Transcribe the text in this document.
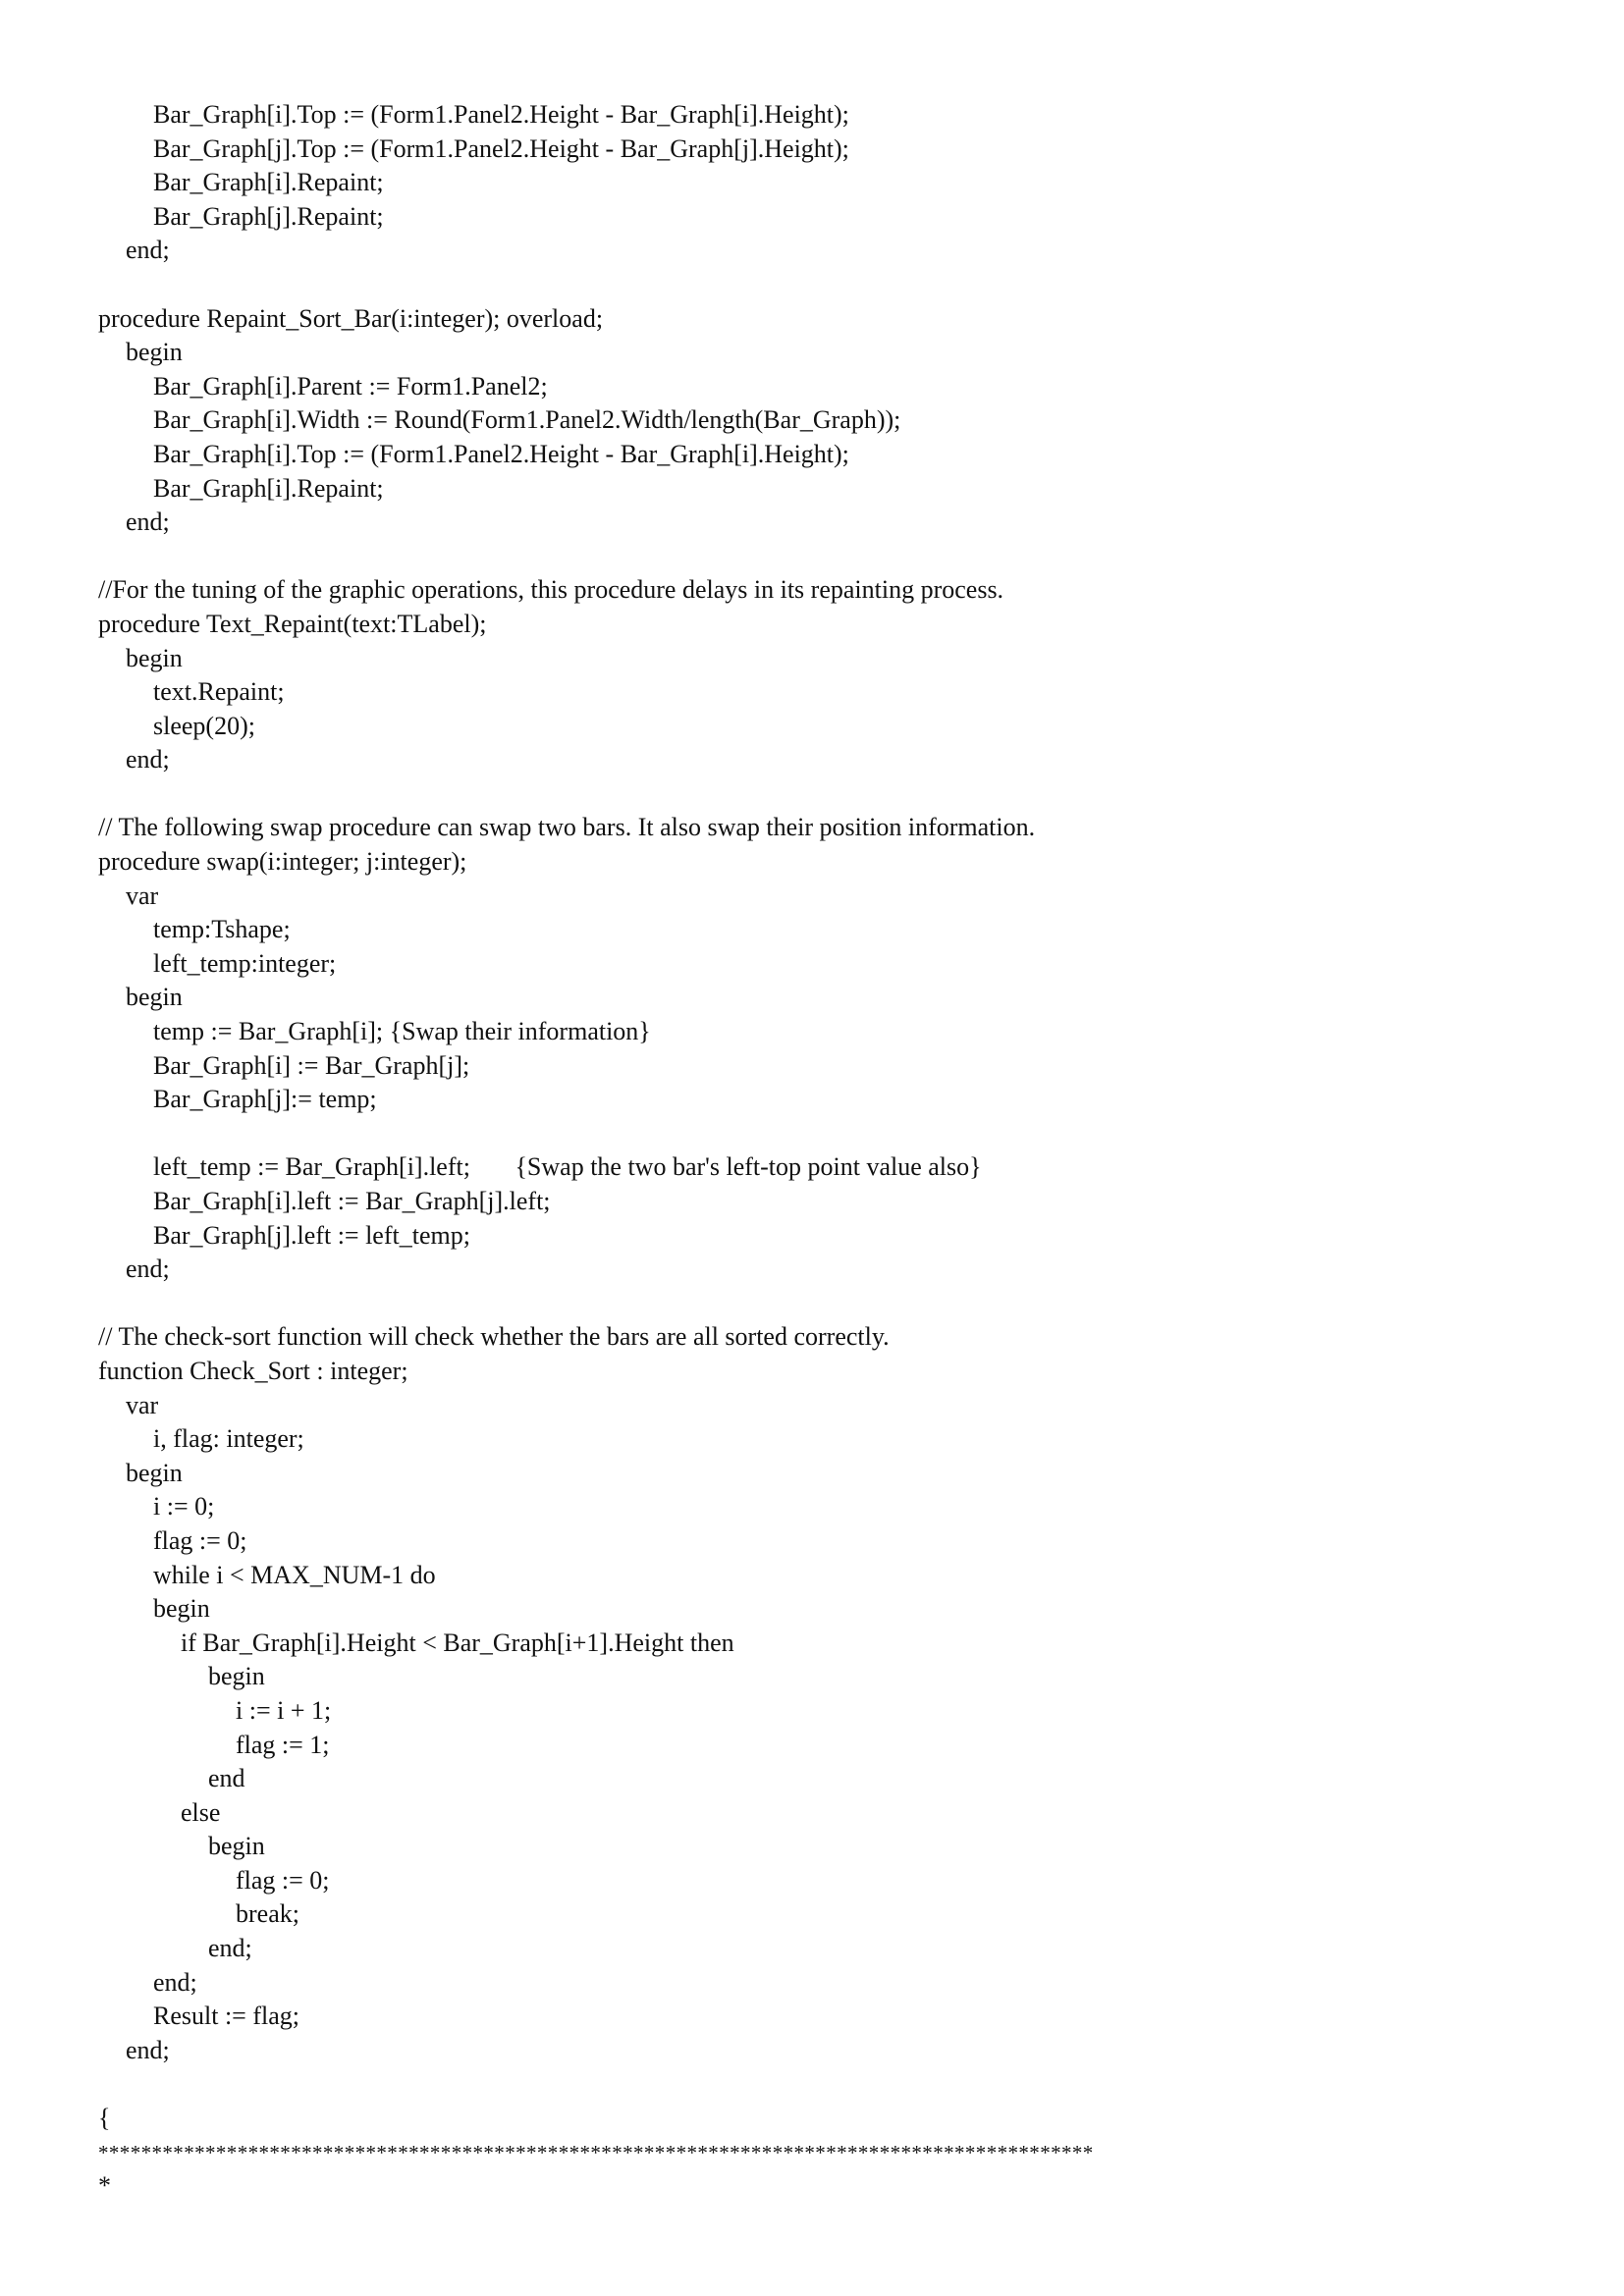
Bar_Graph[i].Top := (Form1.Panel2.Height - Bar_Graph[i].Height);
Bar_Graph[j].Top := (Form1.Panel2.Height - Bar_Graph[j].Height);
Bar_Graph[i].Repaint;
Bar_Graph[j].Repaint;
end;
procedure Repaint_Sort_Bar(i:integer); overload;
begin
Bar_Graph[i].Parent := Form1.Panel2;
Bar_Graph[i].Width := Round(Form1.Panel2.Width/length(Bar_Graph));
Bar_Graph[i].Top := (Form1.Panel2.Height - Bar_Graph[i].Height);
Bar_Graph[i].Repaint;
end;
//For the tuning of the graphic operations, this procedure delays in its repainting process.
procedure Text_Repaint(text:TLabel);
begin
text.Repaint;
sleep(20);
end;
// The following swap procedure can swap two bars. It also swap their position information.
procedure swap(i:integer; j:integer);
var
temp:Tshape;
left_temp:integer;
begin
temp := Bar_Graph[i]; {Swap their information}
Bar_Graph[i] := Bar_Graph[j];
Bar_Graph[j]:= temp;
left_temp := Bar_Graph[i].left;       {Swap the two bar's left-top point value also}
Bar_Graph[i].left := Bar_Graph[j].left;
Bar_Graph[j].left := left_temp;
end;
// The check-sort function will check whether the bars are all sorted correctly.
function Check_Sort : integer;
var
i, flag: integer;
begin
i := 0;
flag := 0;
while i < MAX_NUM-1 do
begin
if Bar_Graph[i].Height < Bar_Graph[i+1].Height then
begin
i := i + 1;
flag := 1;
end
else
begin
flag := 0;
break;
end;
end;
Result := flag;
end;
{
*********************************************************************************************
*
